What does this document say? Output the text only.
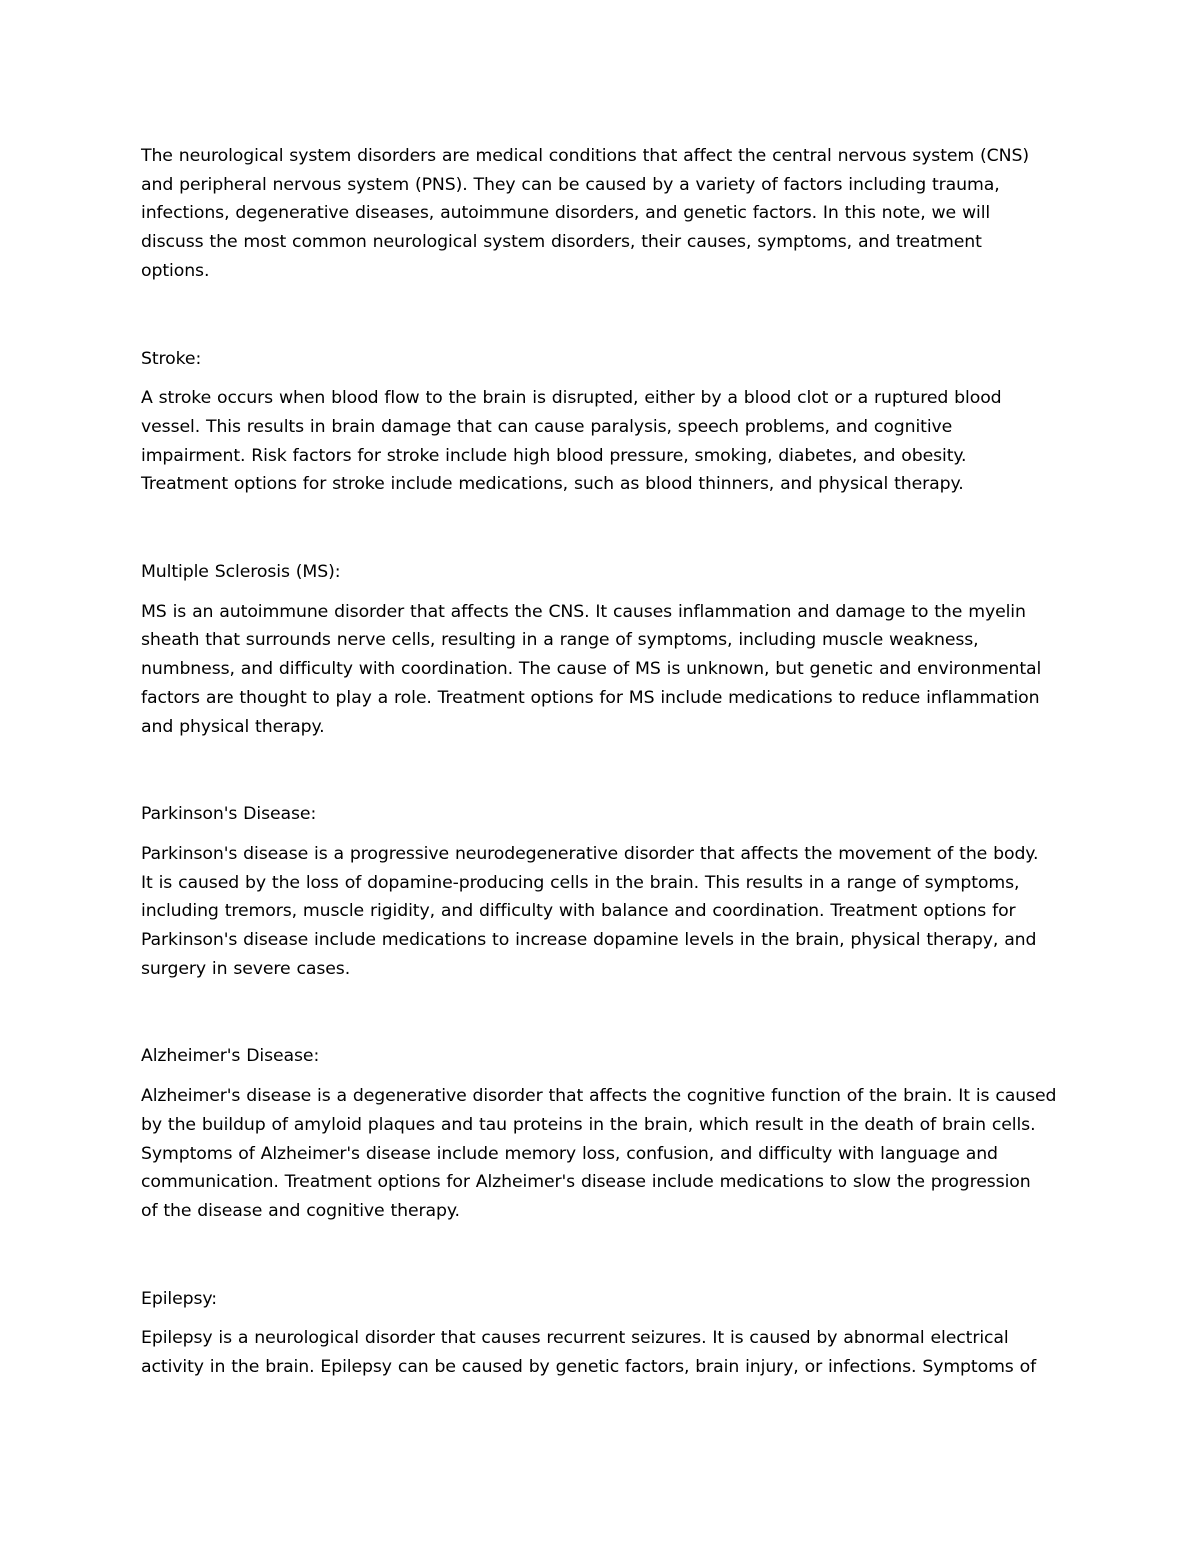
The neurological system disorders are medical conditions that affect the central nervous system (CNS)
and peripheral nervous system (PNS). They can be caused by a variety of factors including trauma,
infections, degenerative diseases, autoimmune disorders, and genetic factors. In this note, we will
discuss the most common neurological system disorders, their causes, symptoms, and treatment
options.

Stroke:

A stroke occurs when blood flow to the brain is disrupted, either by a blood clot or a ruptured blood
vessel. This results in brain damage that can cause paralysis, speech problems, and cognitive
impairment. Risk factors for stroke include high blood pressure, smoking, diabetes, and obesity.
Treatment options for stroke include medications, such as blood thinners, and physical therapy.

Multiple Sclerosis (MS):

MS is an autoimmune disorder that affects the CNS. It causes inflammation and damage to the myelin
sheath that surrounds nerve cells, resulting in a range of symptoms, including muscle weakness,
numbness, and difficulty with coordination. The cause of MS is unknown, but genetic and environmental
factors are thought to play a role. Treatment options for MS include medications to reduce inflammation
and physical therapy.

Parkinson's Disease:

Parkinson's disease is a progressive neurodegenerative disorder that affects the movement of the body.
It is caused by the loss of dopamine-producing cells in the brain. This results in a range of symptoms,
including tremors, muscle rigidity, and difficulty with balance and coordination. Treatment options for
Parkinson's disease include medications to increase dopamine levels in the brain, physical therapy, and
surgery in severe cases.

Alzheimer's Disease:

Alzheimer's disease is a degenerative disorder that affects the cognitive function of the brain. It is caused
by the buildup of amyloid plaques and tau proteins in the brain, which result in the death of brain cells.
Symptoms of Alzheimer's disease include memory loss, confusion, and difficulty with language and
communication. Treatment options for Alzheimer's disease include medications to slow the progression
of the disease and cognitive therapy.

Epilepsy:

Epilepsy is a neurological disorder that causes recurrent seizures. It is caused by abnormal electrical
activity in the brain. Epilepsy can be caused by genetic factors, brain injury, or infections. Symptoms of
